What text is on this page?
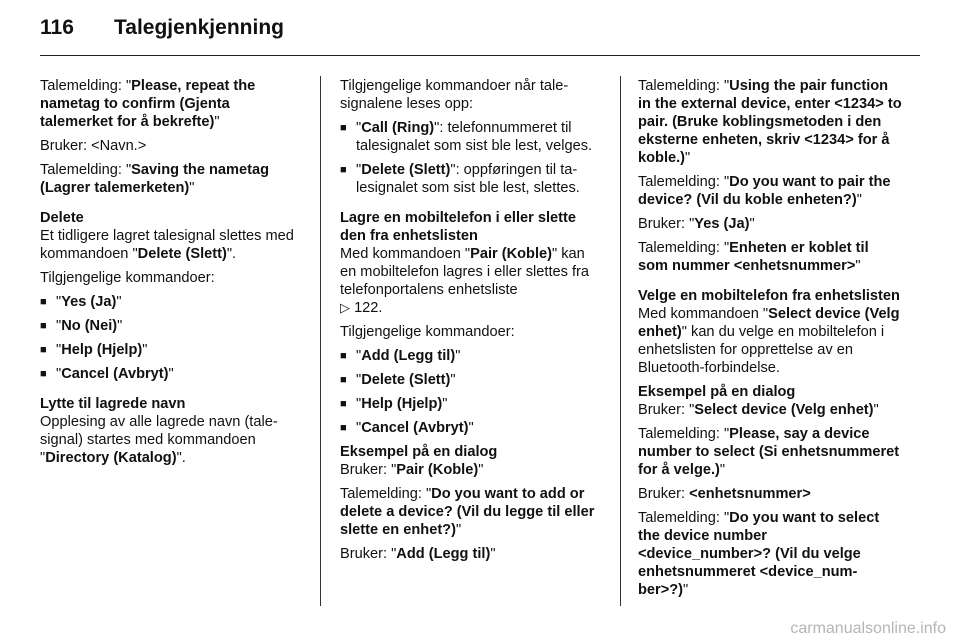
116 Talegjenkjenning

Talemelding: "Please, repeat the nametag to confirm (Gjenta talemerket for å bekrefte)"

Bruker: <Navn.>

Talemelding: "Saving the nametag (Lagrer talemerketen)"

Delete

Et tidligere lagret talesignal slettes med kommandoen "Delete (Slett)".

Tilgjengelige kommandoer:

■ "Yes (Ja)"
■ "No (Nei)"
■ "Help (Hjelp)"
■ "Cancel (Avbryt)"
Lytte til lagrede navn

Opplesing av alle lagrede navn (talesignal) startes med kommandoen "Directory (Katalog)".

Tilgjengelige kommandoer når talesignalene leses opp:

■ "Call (Ring)": telefonnummeret til talesignalet som sist ble lest, velges.
■ "Delete (Slett)": oppføringen til talesignalet som sist ble lest, slettes.
Lagre en mobiltelefon i eller slette den fra enhetslisten

Med kommandoen "Pair (Koble)" kan en mobiltelefon lagres i eller slettes fra telefonportalens enhetsliste
▷ 122.

Tilgjengelige kommandoer:

■ "Add (Legg til)"
■ "Delete (Slett)"
■ "Help (Hjelp)"
■ "Cancel (Avbryt)"
Eksempel på en dialog

Bruker: "Pair (Koble)"

Talemelding: "Do you want to add or delete a device? (Vil du legge til eller slette en enhet?)"

Bruker: "Add (Legg til)"

Talemelding: "Using the pair function in the external device, enter <1234> to pair. (Bruke koblingsmetoden i den eksterne enheten, skriv <1234> for å koble.)"

Talemelding: "Do you want to pair the device? (Vil du koble enheten?)"

Bruker: "Yes (Ja)"

Talemelding: "Enheten er koblet til som nummer <enhetsnummer>"

Velge en mobiltelefon fra enhetslisten

Med kommandoen "Select device (Velg enhet)" kan du velge en mobiltelefon i enhetslisten for opprettelse av en Bluetooth-forbindelse.

Eksempel på en dialog

Bruker: "Select device (Velg enhet)"

Talemelding: "Please, say a device number to select (Si enhetsnummeret for å velge.)"

Bruker: <enhetsnummer>

Talemelding: "Do you want to select the device number <device_number>? (Vil du velge enhetsnummeret <device_number>?)"

carmanualsonline.info
